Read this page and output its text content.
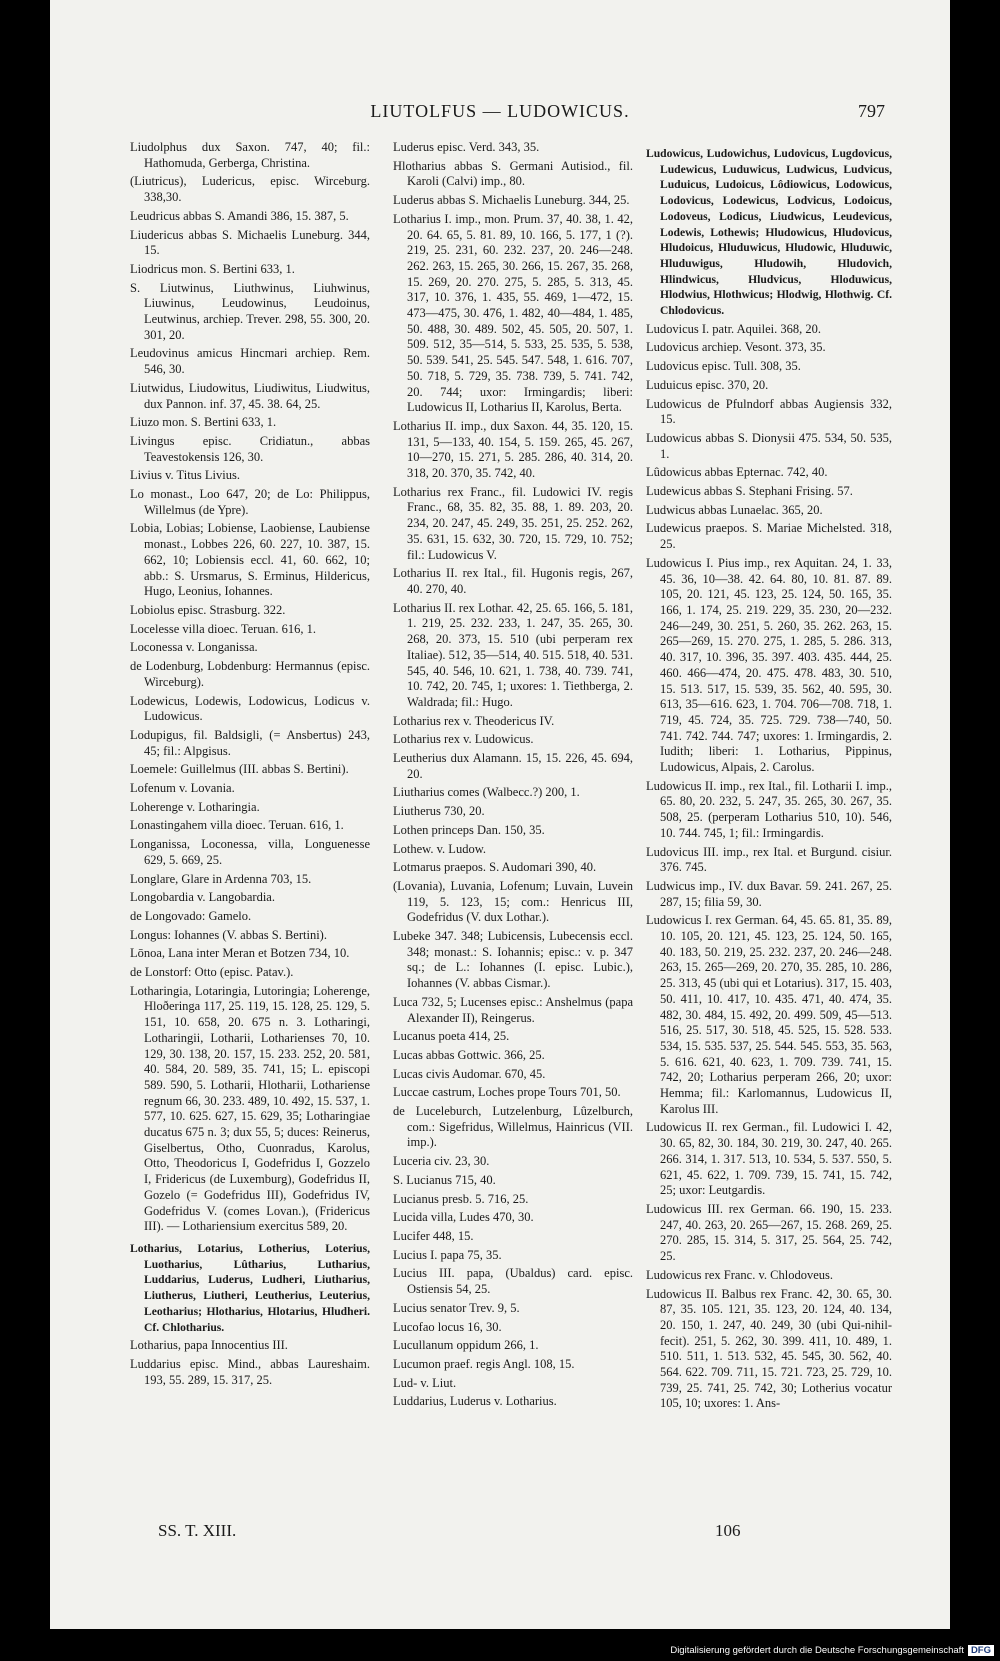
LIUTOLFUS — LUDOWICUS.	797

Liudolphus dux Saxon. 747, 40; fil.: Hathomuda, Gerberga, Christina.

(Liutricus), Ludericus, episc. Wirceburg. 338,30.

Leudricus abbas S. Amandi 386, 15. 387, 5.

Liudericus abbas S. Michaelis Luneburg. 344, 15.

Liodricus mon. S. Bertini 633, 1.

S. Liutwinus, Liuthwinus, Liuhwinus, Liuwinus, Leudowinus, Leudoinus, Leutwinus, archiep. Trever. 298, 55. 300, 20. 301, 20.

Leudovinus amicus Hincmari archiep. Rem. 546, 30.

Liutwidus, Liudowitus, Liudiwitus, Liudwitus, dux Pannon. inf. 37, 45. 38. 64, 25.

Liuzo mon. S. Bertini 633, 1.

Livingus episc. Cridiatun., abbas Teavestokensis 126, 30.

Livius v. Titus Livius.

Lo monast., Loo 647, 20; de Lo: Philippus, Willelmus (de Ypre).

Lobia, Lobias; Lobiense, Laobiense, Laubiense monast., Lobbes 226, 60. 227, 10. 387, 15. 662, 10; Lobiensis eccl. 41, 60. 662, 10; abb.: S. Ursmarus, S. Erminus, Hildericus, Hugo, Leonius, Iohannes.

Lobiolus episc. Strasburg. 322.

Locelesse villa dioec. Teruan. 616, 1.

Loconessa v. Longanissa.

de Lodenburg, Lobdenburg: Hermannus (episc. Wirceburg).

Lodewicus, Lodewis, Lodowicus, Lodicus v. Ludowicus.

Lodupigus, fil. Baldsigli, (= Ansbertus) 243, 45; fil.: Alpgisus.

Loemele: Guillelmus (III. abbas S. Bertini).

Lofenum v. Lovania.

Loherenge v. Lotharingia.

Lonastingahem villa dioec. Teruan. 616, 1.

Longanissa, Loconessa, villa, Longuenesse 629, 5. 669, 25.

Longlare, Glare in Ardenna 703, 15.

Longobardia v. Langobardia.

de Longovado: Gamelo.

Longus: Iohannes (V. abbas S. Bertini).

Lōnoa, Lana inter Meran et Botzen 734, 10.

de Lonstorf: Otto (episc. Patav.).

Lotharingia, Lotaringia, Lutoringia; Loherenge, Hloðeringa 117, 25. 119, 15. 128, 25. 129, 5. 151, 10. 658, 20. 675 n. 3. Lotharingi, Lotharingii, Lotharii, Lotharienses 70, 10. 129, 30. 138, 20. 157, 15. 233. 252, 20. 581, 40. 584, 20. 589, 35. 741, 15; L. episcopi 589. 590, 5. Lotharii, Hlotharii, Lothariense regnum 66, 30. 233. 489, 10. 492, 15. 537, 1. 577, 10. 625. 627, 15. 629, 35; Lotharingiae ducatus 675 n. 3; dux 55, 5; duces: Reinerus, Giselbertus, Otho, Cuonradus, Karolus, Otto, Theodoricus I, Godefridus I, Gozzelo I, Fridericus (de Luxemburg), Godefridus II, Gozelo (= Godefridus III), Godefridus IV, Godefridus V. (comes Lovan.), (Fridericus III). — Lothariensium exercitus 589, 20.

Lotharius, Lotarius, Lotherius, Loterius, Luotharius, Lûtharius, Lutharius, Luddarius, Luderus, Ludheri, Liutharius, Liutherus, Liutheri, Leutherius, Leuterius, Leotharius; Hlotharius, Hlotarius, Hludheri. Cf. Chlotharius.

Lotharius, papa Innocentius III.

Luddarius episc. Mind., abbas Laureshaim. 193, 55. 289, 15. 317, 25.

Luderus episc. Verd. 343, 35.

Hlotharius abbas S. Germani Autisiod., fil. Karoli (Calvi) imp., 80.

Luderus abbas S. Michaelis Luneburg. 344, 25.

Lotharius I. imp., mon. Prum. 37, 40. 38, 1. 42, 20. 64. 65, 5. 81. 89, 10. 166, 5. 177, 1 (?). 219, 25. 231, 60. 232. 237, 20. 246—248. 262. 263, 15. 265, 30. 266, 15. 267, 35. 268, 15. 269, 20. 270. 275, 5. 285, 5. 313, 45. 317, 10. 376, 1. 435, 55. 469, 1—472, 15. 473—475, 30. 476, 1. 482, 40—484, 1. 485, 50. 488, 30. 489. 502, 45. 505, 20. 507, 1. 509. 512, 35—514, 5. 533, 25. 535, 5. 538, 50. 539. 541, 25. 545. 547. 548, 1. 616. 707, 50. 718, 5. 729, 35. 738. 739, 5. 741. 742, 20. 744; uxor: Irmingardis; liberi: Ludowicus II, Lotharius II, Karolus, Berta.

Lotharius II. imp., dux Saxon. 44, 35. 120, 15. 131, 5—133, 40. 154, 5. 159. 265, 45. 267, 10—270, 15. 271, 5. 285. 286, 40. 314, 20. 318, 20. 370, 35. 742, 40.

Lotharius rex Franc., fil. Ludowici IV. regis Franc., 68, 35. 82, 35. 88, 1. 89. 203, 20. 234, 20. 247, 45. 249, 35. 251, 25. 252. 262, 35. 631, 15. 632, 30. 720, 15. 729, 10. 752; fil.: Ludowicus V.

Lotharius II. rex Ital., fil. Hugonis regis, 267, 40. 270, 40.

Lotharius II. rex Lothar. 42, 25. 65. 166, 5. 181, 1. 219, 25. 232. 233, 1. 247, 35. 265, 30. 268, 20. 373, 15. 510 (ubi perperam rex Italiae). 512, 35—514, 40. 515. 518, 40. 531. 545, 40. 546, 10. 621, 1. 738, 40. 739. 741, 10. 742, 20. 745, 1; uxores: 1. Tiethberga, 2. Waldrada; fil.: Hugo.

Lotharius rex v. Theodericus IV.

Lotharius rex v. Ludowicus.

Leutherius dux Alamann. 15, 15. 226, 45. 694, 20.

Liutharius comes (Walbecc.?) 200, 1.

Liutherus 730, 20.

Lothen princeps Dan. 150, 35.

Lothew. v. Ludow.

Lotmarus praepos. S. Audomari 390, 40.

(Lovania), Luvania, Lofenum; Luvain, Luvein 119, 5. 123, 15; com.: Henricus III, Godefridus (V. dux Lothar.).

Lubeke 347. 348; Lubicensis, Lubecensis eccl. 348; monast.: S. Iohannis; episc.: v. p. 347 sq.; de L.: Iohannes (I. episc. Lubic.), Iohannes (V. abbas Cismar.).

Luca 732, 5; Lucenses episc.: Anshelmus (papa Alexander II), Reingerus.

Lucanus poeta 414, 25.

Lucas abbas Gottwic. 366, 25.

Lucas civis Audomar. 670, 45.

Luccae castrum, Loches prope Tours 701, 50.

de Luceleburch, Lutzelenburg, Lûzelburch, com.: Sigefridus, Willelmus, Hainricus (VII. imp.).

Luceria civ. 23, 30.

S. Lucianus 715, 40.

Lucianus presb. 5. 716, 25.

Lucida villa, Ludes 470, 30.

Lucifer 448, 15.

Lucius I. papa 75, 35.

Lucius III. papa, (Ubaldus) card. episc. Ostiensis 54, 25.

Lucius senator Trev. 9, 5.

Lucofao locus 16, 30.

Lucullanum oppidum 266, 1.

Lucumon praef. regis Angl. 108, 15.

Lud- v. Liut.

Luddarius, Luderus v. Lotharius.

Ludowicus, Ludowichus, Ludovicus, Lugdovicus, Ludewicus, Luduwicus, Ludwicus, Ludvicus, Luduicus, Ludoicus, Lôdiowicus, Lodowicus, Lodovicus, Lodewicus, Lodvicus, Lodoicus, Lodoveus, Lodicus, Liudwicus, Leudevicus, Lodewis, Lothewis; Hludowicus, Hludovicus, Hludoicus, Hluduwicus, Hludowic, Hluduwic, Hluduwigus, Hludowih, Hludovich, Hlindwicus, Hludvicus, Hloduwicus, Hlodwius, Hlothwicus; Hlodwig, Hlothwig. Cf. Chlodovicus.

Ludovicus I. patr. Aquilei. 368, 20.

Ludovicus archiep. Vesont. 373, 35.

Ludovicus episc. Tull. 308, 35.

Luduicus episc. 370, 20.

Ludowicus de Pfulndorf abbas Augiensis 332, 15.

Ludowicus abbas S. Dionysii 475. 534, 50. 535, 1.

Lûdowicus abbas Epternac. 742, 40.

Ludewicus abbas S. Stephani Frising. 57.

Ludwicus abbas Lunaelac. 365, 20.

Ludewicus praepos. S. Mariae Michelsted. 318, 25.

Ludowicus I. Pius imp., rex Aquitan. 24, 1. 33, 45. 36, 10—38. 42. 64. 80, 10. 81. 87. 89. 105, 20. 121, 45. 123, 25. 124, 50. 165, 35. 166, 1. 174, 25. 219. 229, 35. 230, 20—232. 246—249, 30. 251, 5. 260, 35. 262. 263, 15. 265—269, 15. 270. 275, 1. 285, 5. 286. 313, 40. 317, 10. 396, 35. 397. 403. 435. 444, 25. 460. 466—474, 20. 475. 478. 483, 30. 510, 15. 513. 517, 15. 539, 35. 562, 40. 595, 30. 613, 35—616. 623, 1. 704. 706—708. 718, 1. 719, 45. 724, 35. 725. 729. 738—740, 50. 741. 742. 744. 747; uxores: 1. Irmingardis, 2. Iudith; liberi: 1. Lotharius, Pippinus, Ludowicus, Alpais, 2. Carolus.

Ludowicus II. imp., rex Ital., fil. Lotharii I. imp., 65. 80, 20. 232, 5. 247, 35. 265, 30. 267, 35. 508, 25. (perperam Lotharius 510, 10). 546, 10. 744. 745, 1; fil.: Irmingardis.

Ludovicus III. imp., rex Ital. et Burgund. cisiur. 376. 745.

Ludwicus imp., IV. dux Bavar. 59. 241. 267, 25. 287, 15; filia 59, 30.

Ludowicus I. rex German. 64, 45. 65. 81, 35. 89, 10. 105, 20. 121, 45. 123, 25. 124, 50. 165, 40. 183, 50. 219, 25. 232. 237, 20. 246—248. 263, 15. 265—269, 20. 270, 35. 285, 10. 286, 25. 313, 45 (ubi qui et Lotarius). 317, 15. 403, 50. 411, 10. 417, 10. 435. 471, 40. 474, 35. 482, 30. 484, 15. 492, 20. 499. 509, 45—513. 516, 25. 517, 30. 518, 45. 525, 15. 528. 533. 534, 15. 535. 537, 25. 544. 545. 553, 35. 563, 5. 616. 621, 40. 623, 1. 709. 739. 741, 15. 742, 20; Lotharius perperam 266, 20; uxor: Hemma; fil.: Karlomannus, Ludowicus II, Karolus III.

Ludowicus II. rex German., fil. Ludowici I. 42, 30. 65, 82, 30. 184, 30. 219, 30. 247, 40. 265. 266. 314, 1. 317. 513, 10. 534, 5. 537. 550, 5. 621, 45. 622, 1. 709. 739, 15. 741, 15. 742, 25; uxor: Leutgardis.

Ludowicus III. rex German. 66. 190, 15. 233. 247, 40. 263, 20. 265—267, 15. 268. 269, 25. 270. 285, 15. 314, 5. 317, 25. 564, 25. 742, 25.

Ludowicus rex Franc. v. Chlodoveus.

Ludowicus II. Balbus rex Franc. 42, 30. 65, 30. 87, 35. 105. 121, 35. 123, 20. 124, 40. 134, 20. 150, 1. 247, 40. 249, 30 (ubi Qui-nihil-fecit). 251, 5. 262, 30. 399. 411, 10. 489, 1. 510. 511, 1. 513. 532, 45. 545, 30. 562, 40. 564. 622. 709. 711, 15. 721. 723, 25. 729, 10. 739, 25. 741, 25. 742, 30; Lotherius vocatur 105, 10; uxores: 1. Ans-

SS. T. XIII.	106
Digitalisierung gefördert durch die Deutsche Forschungsgemeinschaft DFG
